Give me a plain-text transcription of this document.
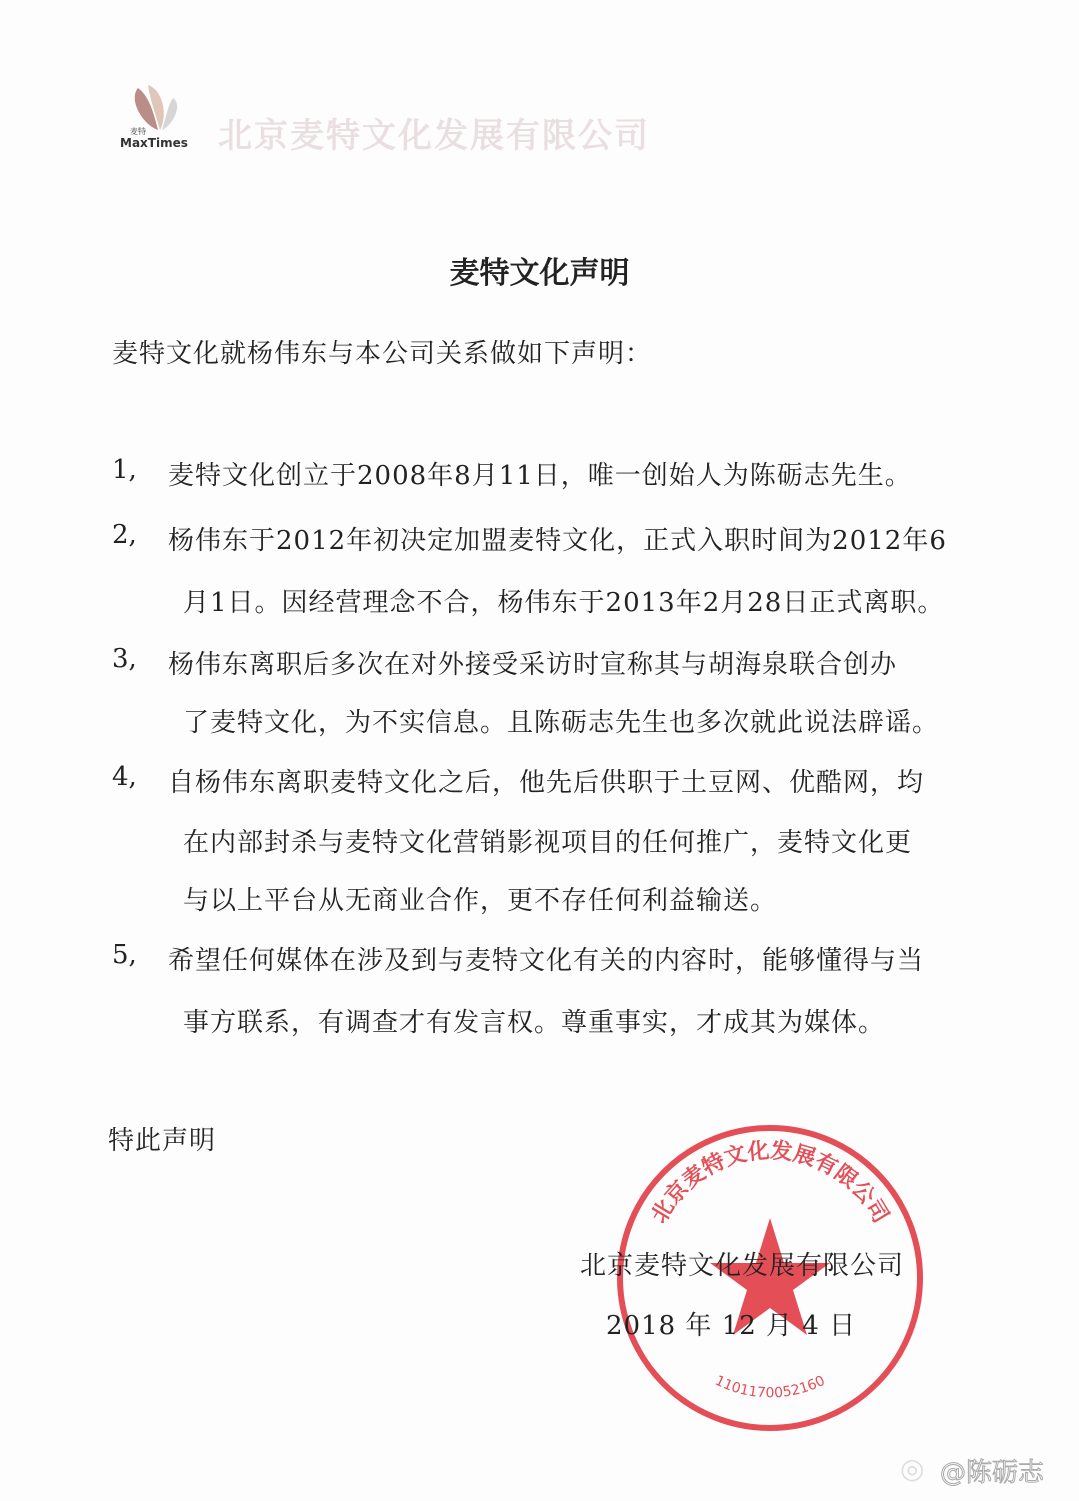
麦特
MaxTimes 北京麦特文化发展有限公司
麦特文化声明
麦特文化就杨伟东与本公司关系做如下声明：
1, 麦特文化创立于2008年8月11日，唯一创始人为陈砺志先生。
2, 杨伟东于2012年初决定加盟麦特文化，正式入职时间为2012年6
月1日。因经营理念不合，杨伟东于2013年2月28日正式离职。
3, 杨伟东离职后多次在对外接受采访时宣称其与胡海泉联合创办
了麦特文化，为不实信息。且陈砺志先生也多次就此说法辟谣。
4, 自杨伟东离职麦特文化之后，他先后供职于土豆网、优酷网，均
在内部封杀与麦特文化营销影视项目的任何推广，麦特文化更
与以上平台从无商业合作，更不存任何利益输送。
5, 希望任何媒体在涉及到与麦特文化有关的内容时，能够懂得与当
事方联系，有调查才有发言权。尊重事实，才成其为媒体。
特此声明
北京麦特文化发展有限公司
1101170052160
北京麦特文化发展有限公司
2018 年 12 月 4 日
◎ @陈砺志
